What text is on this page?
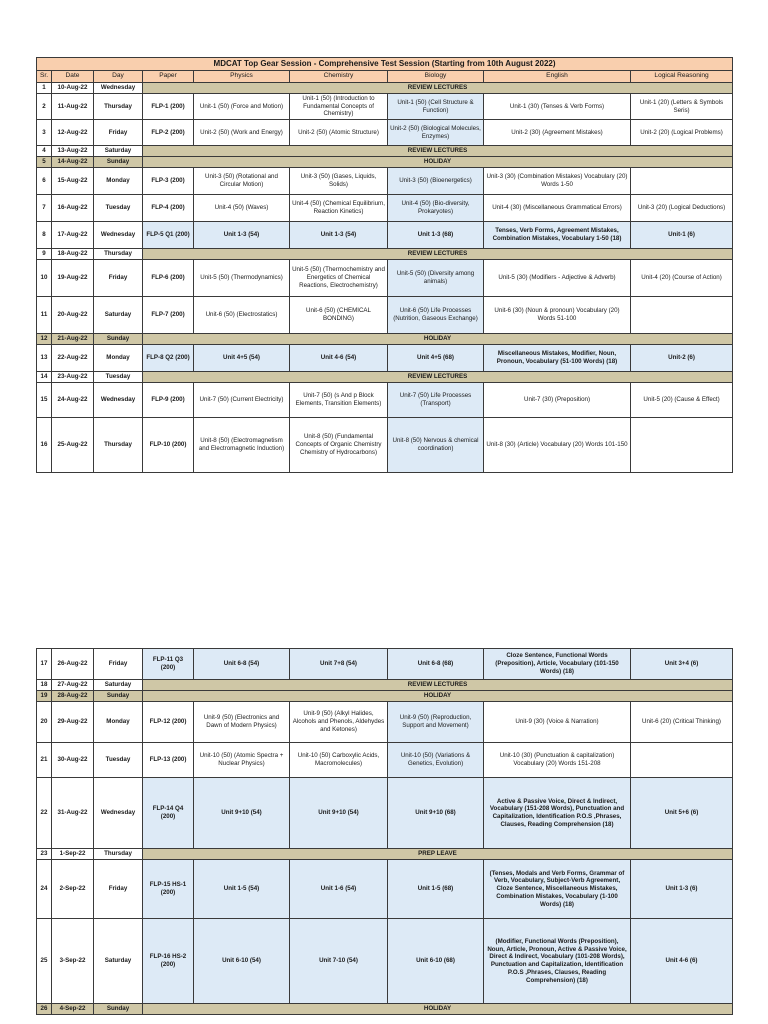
MDCAT Top Gear Session - Comprehensive Test Session (Starting from 10th August 2022)								
Sr.	Date	Day	Paper	Physics	Chemistry	Biology	English	Logical Reasoning
1	10-Aug-22	Wednesday	REVIEW LECTURES					
2	11-Aug-22	Thursday	FLP-1 (200)	Unit-1 (50) (Force and Motion)	Unit-1 (50) (Introduction to Fundamental Concepts of Chemistry)	Unit-1 (50) (Cell Structure & Function)	Unit-1 (30) (Tenses & Verb Forms)	Unit-1 (20) (Letters & Symbols Seris)
3	12-Aug-22	Friday	FLP-2 (200)	Unit-2 (50) (Work and Energy)	Unit-2 (50) (Atomic Structure)	Unit-2 (50) (Biological Molecules, Enzymes)	Unit-2 (30) (Agreement Mistakes)	Unit-2 (20) (Logical Problems)
4	13-Aug-22	Saturday	REVIEW LECTURES					
5	14-Aug-22	Sunday	HOLIDAY					
6	15-Aug-22	Monday	FLP-3 (200)	Unit-3 (50) (Rotational and Circular Motion)	Unit-3 (50) (Gases, Liquids, Solids)	Unit-3 (50) (Bioenergetics)	Unit-3 (30) (Combination Mistakes) Vocabulary (20) Words 1-50	
7	16-Aug-22	Tuesday	FLP-4 (200)	Unit-4 (50) (Waves)	Unit-4 (50) (Chemical Equilibrium, Reaction Kinetics)	Unit-4 (50) (Bio-diversity, Prokaryotes)	Unit-4 (30) (Miscellaneous Grammatical Errors)	Unit-3 (20) (Logical Deductions)
8	17-Aug-22	Wednesday	FLP-5 Q1 (200)	Unit 1-3 (54)	Unit 1-3 (54)	Unit 1-3 (68)	Tenses, Verb Forms, Agreement Mistakes, Combination Mistakes, Vocabulary 1-50 (18)	Unit-1 (6)
9	18-Aug-22	Thursday	REVIEW LECTURES					
10	19-Aug-22	Friday	FLP-6 (200)	Unit-5 (50) (Thermodynamics)	Unit-5 (50) (Thermochemistry and Energetics of Chemical Reactions, Electrochemistry)	Unit-5 (50) (Diversity among animals)	Unit-5 (30) (Modifiers - Adjective & Adverb)	Unit-4 (20) (Course of Action)
11	20-Aug-22	Saturday	FLP-7 (200)	Unit-6 (50) (Electrostatics)	Unit-6 (50) (CHEMICAL BONDING)	Unit-6 (50) Life Processes (Nutrition, Gaseous Exchange)	Unit-6 (30) (Noun & pronoun) Vocabulary (20) Words 51-100	
12	21-Aug-22	Sunday	HOLIDAY					
13	22-Aug-22	Monday	FLP-8 Q2 (200)	Unit 4+5 (54)	Unit 4-6 (54)	Unit 4+5 (68)	Miscellaneous Mistakes, Modifier, Noun, Pronoun, Vocabulary (51-100 Words) (18)	Unit-2 (6)
14	23-Aug-22	Tuesday	REVIEW LECTURES					
15	24-Aug-22	Wednesday	FLP-9 (200)	Unit-7 (50) (Current Electricity)	Unit-7 (50) (s And p Block Elements, Transition Elements)	Unit-7 (50) Life Processes (Transport)	Unit-7 (30) (Preposition)	Unit-5 (20) (Cause & Effect)
16	25-Aug-22	Thursday	FLP-10 (200)	Unit-8 (50) (Electromagnetism and Electromagnetic Induction)	Unit-8 (50) (Fundamental Concepts of Organic Chemistry Chemistry of Hydrocarbons)	Unit-8 (50) Nervous & chemical coordination)	Unit-8 (30) (Article) Vocabulary (20) Words 101-150	
17	26-Aug-22	Friday	FLP-11 Q3 (200)	Unit 6-8 (54)	Unit 7+8 (54)	Unit 6-8 (68)	Cloze Sentence, Functional Words (Preposition), Article, Vocabulary (101-150 Words) (18)	Unit 3+4 (6)
18	27-Aug-22	Saturday	REVIEW LECTURES					
19	28-Aug-22	Sunday	HOLIDAY					
20	29-Aug-22	Monday	FLP-12 (200)	Unit-9 (50) (Electronics and Dawn of Modern Physics)	Unit-9 (50) (Alkyl Halides, Alcohols and Phenols, Aldehydes and Ketones)	Unit-9 (50) (Reproduction, Support and Movement)	Unit-9 (30) (Voice & Narration)	Unit-6 (20) (Critical Thinking)
21	30-Aug-22	Tuesday	FLP-13 (200)	Unit-10 (50) (Atomic Spectra + Nuclear Physics)	Unit-10 (50) Carboxylic Acids, Macromolecules)	Unit-10 (50) (Variations & Genetics, Evolution)	Unit-10 (30) (Punctuation & capitalization) Vocabulary (20) Words 151-208	
22	31-Aug-22	Wednesday	FLP-14 Q4 (200)	Unit 9+10 (54)	Unit 9+10 (54)	Unit 9+10 (68)	Active & Passive Voice, Direct & Indirect, Vocabulary (151-208 Words), Punctuation and Capitalization, Identification P.O.S ,Phrases, Clauses, Reading Comprehension (18)	Unit 5+6 (6)
23	1-Sep-22	Thursday	PREP LEAVE					
24	2-Sep-22	Friday	FLP-15 HS-1 (200)	Unit 1-5 (54)	Unit 1-6 (54)	Unit 1-5 (68)	(Tenses, Modals and Verb Forms, Grammar of Verb, Vocabulary, Subject-Verb Agreement, Cloze Sentence, Miscellaneous Mistakes, Combination Mistakes, Vocabulary (1-100 Words) (18)	Unit 1-3 (6)
25	3-Sep-22	Saturday	FLP-16 HS-2 (200)	Unit 6-10 (54)	Unit 7-10 (54)	Unit 6-10 (68)	(Modifier, Functional Words (Preposition), Noun, Article, Pronoun, Active & Passive Voice, Direct & Indirect, Vocabulary (101-208 Words), Punctuation and Capitalization, Identification P.O.S ,Phrases, Clauses, Reading Comprehension) (18)	Unit 4-6 (6)
26	4-Sep-22	Sunday	HOLIDAY					
